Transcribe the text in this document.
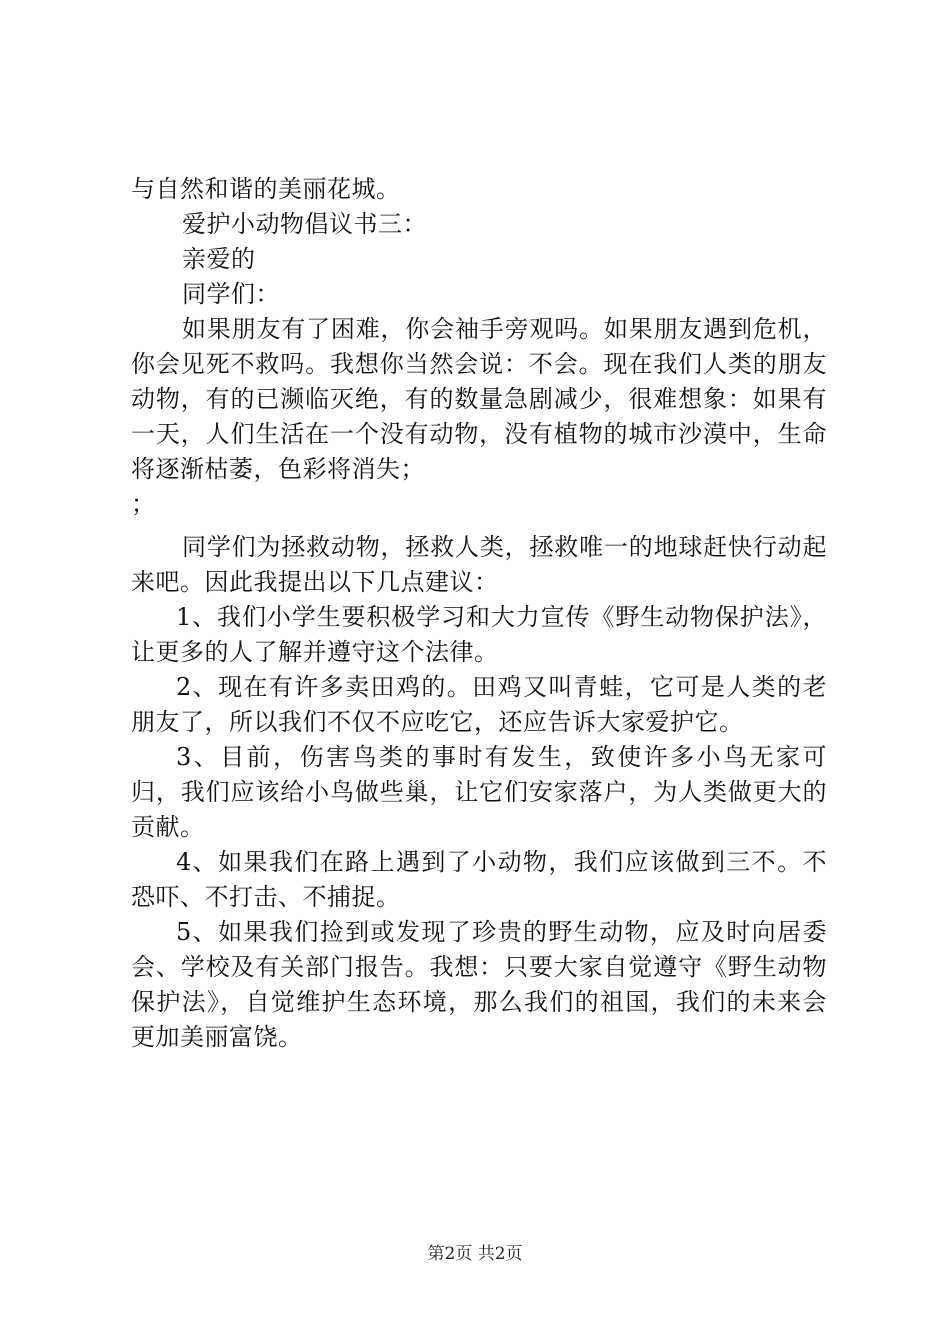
与自然和谐的美丽花城。

爱护小动物倡议书三：

亲爱的

同学们：

如果朋友有了困难，你会袖手旁观吗。如果朋友遇到危机，你会见死不救吗。我想你当然会说：不会。现在我们人类的朋友动物，有的已濒临灭绝，有的数量急剧减少，很难想象：如果有一天，人们生活在一个没有动物，没有植物的城市沙漠中，生命将逐渐枯萎，色彩将消失；

；

同学们为拯救动物，拯救人类，拯救唯一的地球赶快行动起来吧。因此我提出以下几点建议：

1、我们小学生要积极学习和大力宣传《野生动物保护法》，让更多的人了解并遵守这个法律。

2、现在有许多卖田鸡的。田鸡又叫青蛙，它可是人类的老朋友了，所以我们不仅不应吃它，还应告诉大家爱护它。

3、目前，伤害鸟类的事时有发生，致使许多小鸟无家可归，我们应该给小鸟做些巢，让它们安家落户，为人类做更大的贡献。

4、如果我们在路上遇到了小动物，我们应该做到三不。不恐吓、不打击、不捕捉。

5、如果我们捡到或发现了珍贵的野生动物，应及时向居委会、学校及有关部门报告。我想：只要大家自觉遵守《野生动物保护法》，自觉维护生态环境，那么我们的祖国，我们的未来会更加美丽富饶。

第2页 共2页
